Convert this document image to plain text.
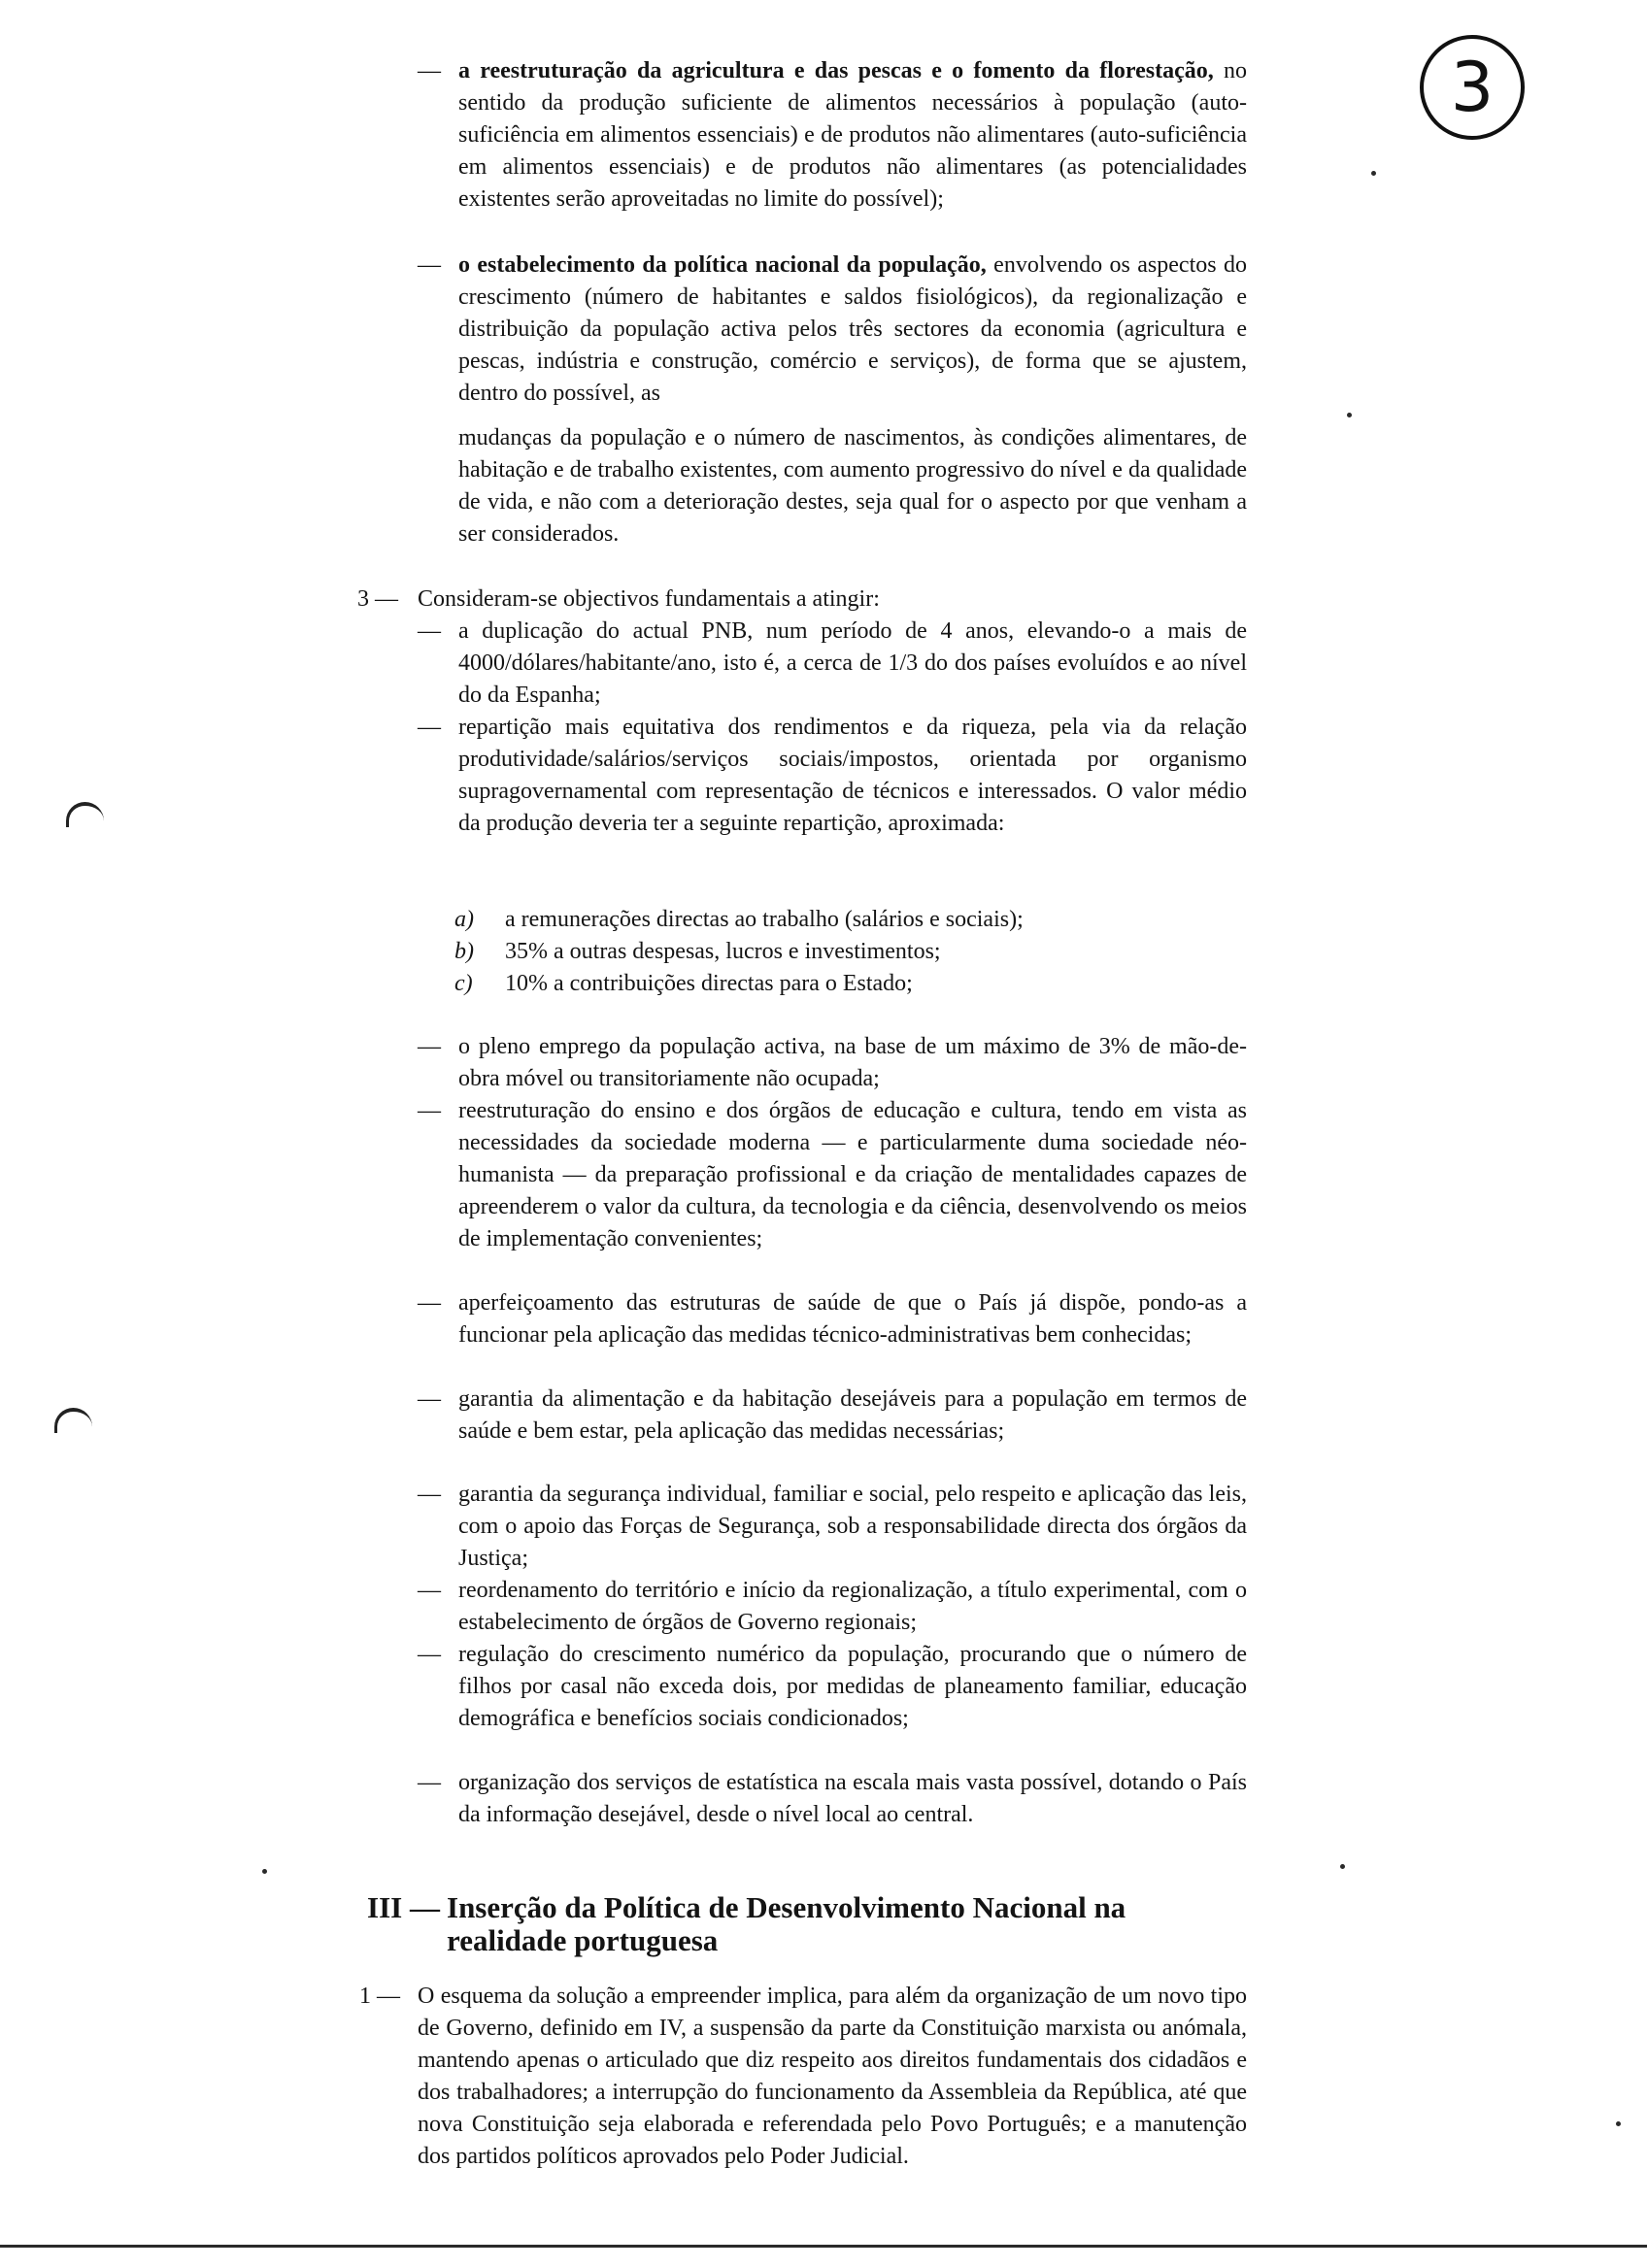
3
— a reestruturação da agricultura e das pescas e o fomento da florestação, no sentido da produção suficiente de alimentos necessários à população (auto-suficiência em alimentos essenciais) e de produtos não alimentares (auto-suficiência em alimentos essenciais) e de produtos não alimentares (as potencialidades existentes serão aproveitadas no limite do possível);
— o estabelecimento da política nacional da população, envolvendo os aspectos do crescimento (número de habitantes e saldos fisiológicos), da regionalização e distribuição da população activa pelos três sectores da economia (agricultura e pescas, indústria e construção, comércio e serviços), de forma que se ajustem, dentro do possível, as
mudanças da população e o número de nascimentos, às condições alimentares, de habitação e de trabalho existentes, com aumento progressivo do nível e da qualidade de vida, e não com a deterioração destes, seja qual for o aspecto por que venham a ser considerados.
3 — Consideram-se objectivos fundamentais a atingir:
— a duplicação do actual PNB, num período de 4 anos, elevando-o a mais de 4000/dólares/habitante/ano, isto é, a cerca de 1/3 do dos países evoluídos e ao nível do da Espanha;
— repartição mais equitativa dos rendimentos e da riqueza, pela via da relação produtividade/salários/serviços sociais/impostos, orientada por organismo supragovernamental com representação de técnicos e interessados. O valor médio da produção deveria ter a seguinte repartição, aproximada:
a) a remunerações directas ao trabalho (salários e sociais);
b) 35% a outras despesas, lucros e investimentos;
c) 10% a contribuições directas para o Estado;
— o pleno emprego da população activa, na base de um máximo de 3% de mão-de-obra móvel ou transitoriamente não ocupada;
— reestruturação do ensino e dos órgãos de educação e cultura, tendo em vista as necessidades da sociedade moderna — e particularmente duma sociedade néo-humanista — da preparação profissional e da criação de mentalidades capazes de apreenderem o valor da cultura, da tecnologia e da ciência, desenvolvendo os meios de implementação convenientes;
— aperfeiçoamento das estruturas de saúde de que o País já dispõe, pondo-as a funcionar pela aplicação das medidas técnico-administrativas bem conhecidas;
— garantia da alimentação e da habitação desejáveis para a população em termos de saúde e bem estar, pela aplicação das medidas necessárias;
— garantia da segurança individual, familiar e social, pelo respeito e aplicação das leis, com o apoio das Forças de Segurança, sob a responsabilidade directa dos órgãos da Justiça;
— reordenamento do território e início da regionalização, a título experimental, com o estabelecimento de órgãos de Governo regionais;
— regulação do crescimento numérico da população, procurando que o número de filhos por casal não exceda dois, por medidas de planeamento familiar, educação demográfica e benefícios sociais condicionados;
— organização dos serviços de estatística na escala mais vasta possível, dotando o País da informação desejável, desde o nível local ao central.
III — Inserção da Política de Desenvolvimento Nacional na realidade portuguesa
1 — O esquema da solução a empreender implica, para além da organização de um novo tipo de Governo, definido em IV, a suspensão da parte da Constituição marxista ou anómala, mantendo apenas o articulado que diz respeito aos direitos fundamentais dos cidadãos e dos trabalhadores; a interrupção do funcionamento da Assembleia da República, até que nova Constituição seja elaborada e referendada pelo Povo Português; e a manutenção dos partidos políticos aprovados pelo Poder Judicial.
